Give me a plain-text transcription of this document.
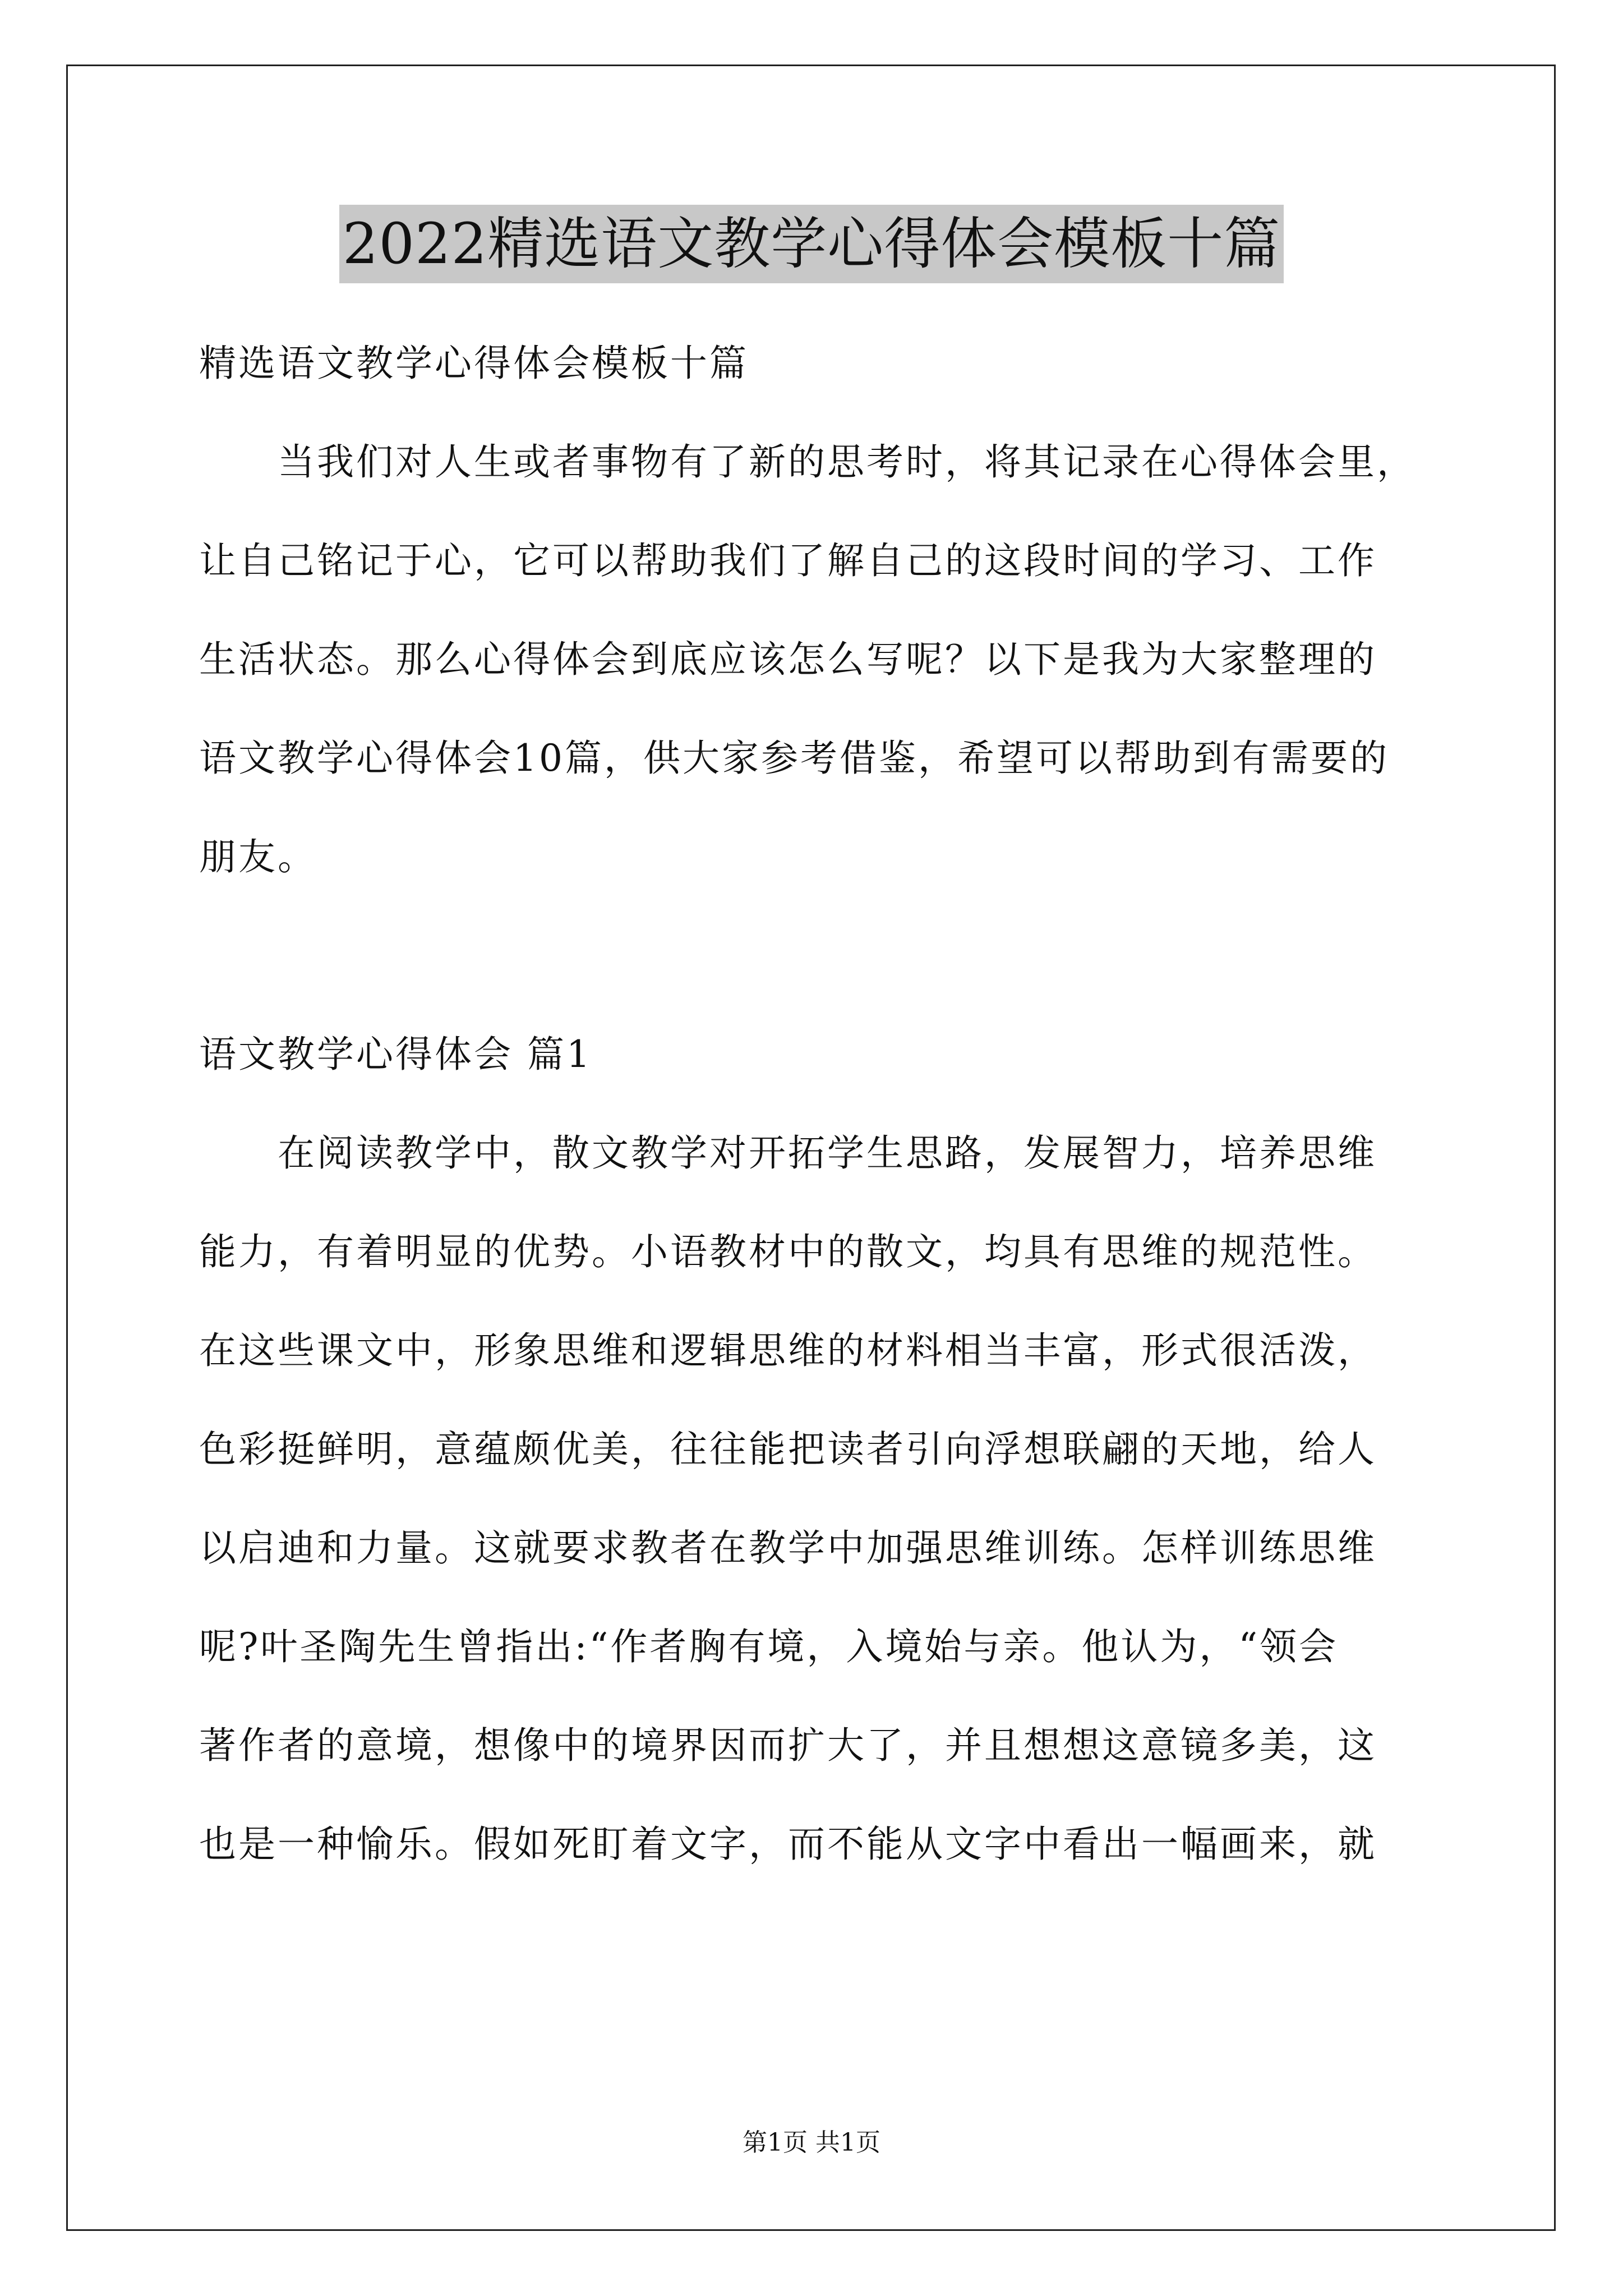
2022精选语文教学心得体会模板十篇
精选语文教学心得体会模板十篇
当我们对人生或者事物有了新的思考时，将其记录在心得体会里，
让自己铭记于心，它可以帮助我们了解自己的这段时间的学习、工作
生活状态。那么心得体会到底应该怎么写呢？以下是我为大家整理的
语文教学心得体会10篇，供大家参考借鉴，希望可以帮助到有需要的
朋友。
语文教学心得体会 篇1
在阅读教学中，散文教学对开拓学生思路，发展智力，培养思维
能力，有着明显的优势。小语教材中的散文，均具有思维的规范性。
在这些课文中，形象思维和逻辑思维的材料相当丰富，形式很活泼，
色彩挺鲜明，意蕴颇优美，往往能把读者引向浮想联翩的天地，给人
以启迪和力量。这就要求教者在教学中加强思维训练。怎样训练思维
呢?叶圣陶先生曾指出:“作者胸有境，入境始与亲。他认为，“领会
著作者的意境，想像中的境界因而扩大了，并且想想这意镜多美，这
也是一种愉乐。假如死盯着文字，而不能从文字中看出一幅画来，就
第1页 共1页
